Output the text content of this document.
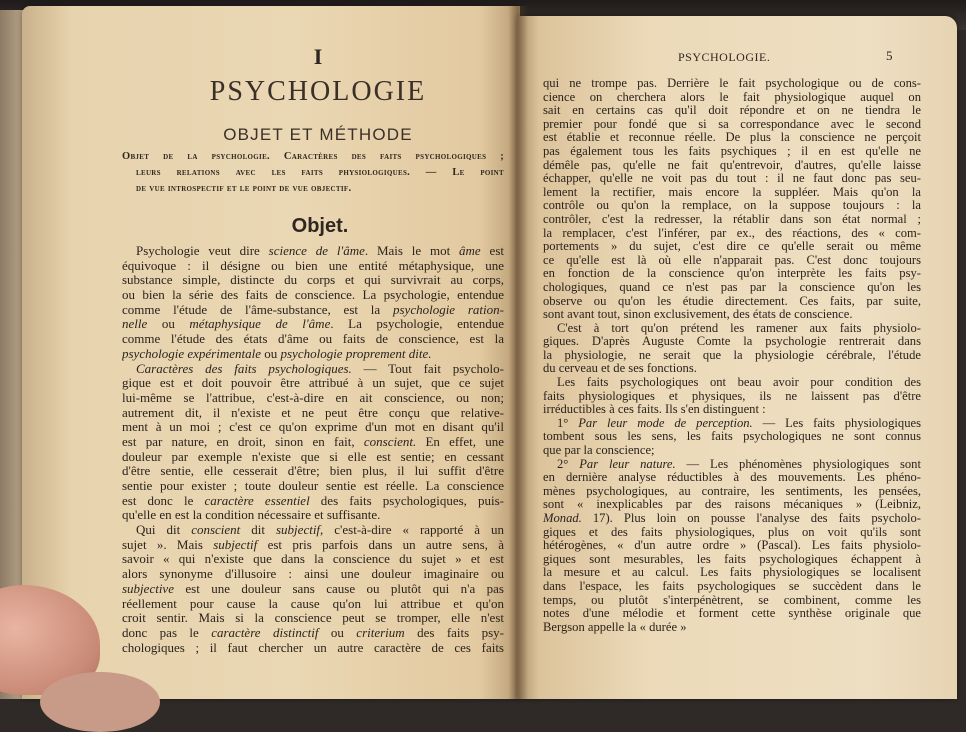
I
PSYCHOLOGIE
OBJET ET MÉTHODE
Objet de la psychologie. Caractères des faits psychologiques ;
leurs relations avec les faits physiologiques. — Le point
de vue introspectif et le point de vue objectif.
Objet.
Psychologie veut dire science de l'âme. Mais le mot âme est
équivoque : il désigne ou bien une entité métaphysique, une
substance simple, distincte du corps et qui survivrait au corps,
ou bien la série des faits de conscience. La psychologie, entendue
comme l'étude de l'âme-substance, est la psychologie ration-
nelle ou métaphysique de l'âme. La psychologie, entendue
comme l'étude des états d'âme ou faits de conscience, est la
psychologie expérimentale ou psychologie proprement dite.
Caractères des faits psychologiques. — Tout fait psycholo-
gique est et doit pouvoir être attribué à un sujet, que ce sujet
lui-même se l'attribue, c'est-à-dire en ait conscience, ou non;
autrement dit, il n'existe et ne peut être conçu que relative-
ment à un moi ; c'est ce qu'on exprime d'un mot en disant qu'il
est par nature, en droit, sinon en fait, conscient. En effet, une
douleur par exemple n'existe que si elle est sentie; en cessant
d'être sentie, elle cesserait d'être; bien plus, il lui suffit d'être
sentie pour exister ; toute douleur sentie est réelle. La conscience
est donc le caractère essentiel des faits psychologiques, puis-
qu'elle en est la condition nécessaire et suffisante.
Qui dit conscient dit subjectif, c'est-à-dire « rapporté à un
sujet ». Mais subjectif est pris parfois dans un autre sens, à
savoir « qui n'existe que dans la conscience du sujet » et est
alors synonyme d'illusoire : ainsi une douleur imaginaire ou
subjective est une douleur sans cause ou plutôt qui n'a pas
réellement pour cause la cause qu'on lui attribue et qu'on
croit sentir. Mais si la conscience peut se tromper, elle n'est
donc pas le caractère distinctif ou criterium des faits psy-
chologiques ; il faut chercher un autre caractère de ces faits
PSYCHOLOGIE.	5
qui ne trompe pas. Derrière le fait psychologique ou de cons-
cience on cherchera alors le fait physiologique auquel on
sait en certains cas qu'il doit répondre et on ne tiendra le
premier pour fondé que si sa correspondance avec le second
est établie et reconnue réelle. De plus la conscience ne perçoit
pas également tous les faits psychiques ; il en est qu'elle ne
démêle pas, qu'elle ne fait qu'entrevoir, d'autres, qu'elle laisse
échapper, qu'elle ne voit pas du tout : il ne faut donc pas seu-
lement la rectifier, mais encore la suppléer. Mais qu'on la
contrôle ou qu'on la remplace, on la suppose toujours : la
contrôler, c'est la redresser, la rétablir dans son état normal ;
la remplacer, c'est l'inférer, par ex., des réactions, des « com-
portements » du sujet, c'est dire ce qu'elle serait ou même
ce qu'elle est là où elle n'apparait pas. C'est donc toujours
en fonction de la conscience qu'on interprète les faits psy-
chologiques, quand ce n'est pas par la conscience qu'on les
observe ou qu'on les étudie directement. Ces faits, par suite,
sont avant tout, sinon exclusivement, des états de conscience.
C'est à tort qu'on prétend les ramener aux faits physiolo-
giques. D'après Auguste Comte la psychologie rentrerait dans
la physiologie, ne serait que la physiologie cérébrale, l'étude
du cerveau et de ses fonctions.
Les faits psychologiques ont beau avoir pour condition des
faits physiologiques et physiques, ils ne laissent pas d'être
irréductibles à ces faits. Ils s'en distinguent :
1° Par leur mode de perception. — Les faits physiologiques
tombent sous les sens, les faits psychologiques ne sont connus
que par la conscience;
2° Par leur nature. — Les phénomènes physiologiques sont
en dernière analyse réductibles à des mouvements. Les phéno-
mènes psychologiques, au contraire, les sentiments, les pensées,
sont « inexplicables par des raisons mécaniques » (Leibniz,
Monad. 17). Plus loin on pousse l'analyse des faits psycholo-
giques et des faits physiologiques, plus on voit qu'ils sont
hétérogènes, « d'un autre ordre » (Pascal). Les faits physiolo-
giques sont mesurables, les faits psychologiques échappent à
la mesure et au calcul. Les faits physiologiques se localisent
dans l'espace, les faits psychologiques se succèdent dans le
temps, ou plutôt s'interpénètrent, se combinent, comme les
notes d'une mélodie et forment cette synthèse originale que
Bergson appelle la « durée »
